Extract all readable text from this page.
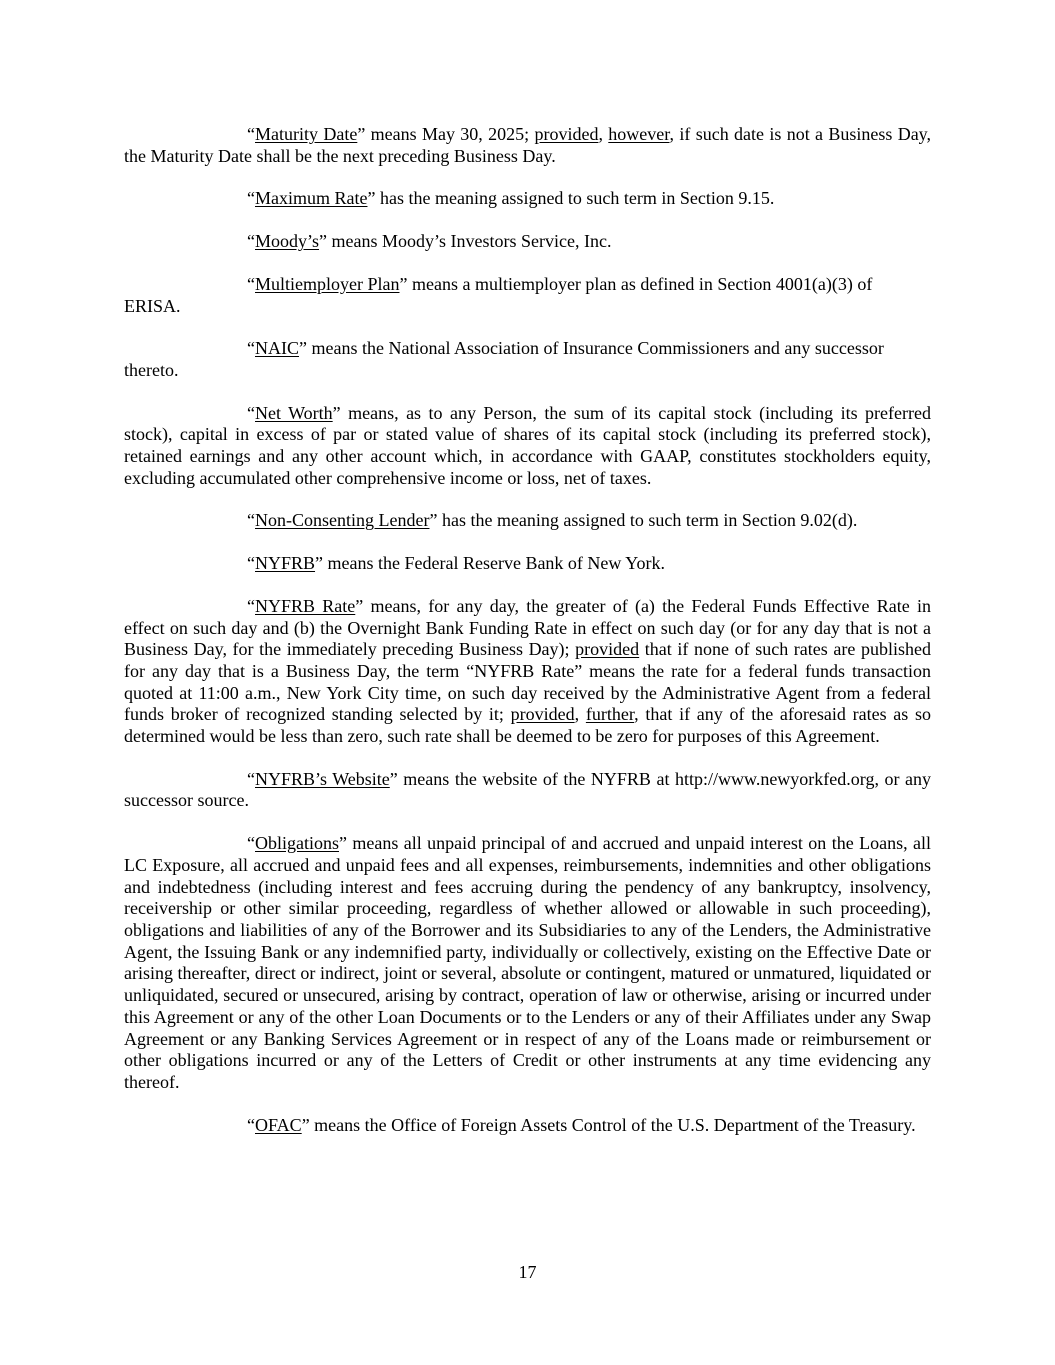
“Maturity Date” means May 30, 2025; provided, however, if such date is not a Business Day, the Maturity Date shall be the next preceding Business Day.

“Maximum Rate” has the meaning assigned to such term in Section 9.15.

“Moody’s” means Moody’s Investors Service, Inc.

“Multiemployer Plan” means a multiemployer plan as defined in Section 4001(a)(3) of
ERISA.

“NAIC” means the National Association of Insurance Commissioners and any successor
thereto.

“Net Worth” means, as to any Person, the sum of its capital stock (including its preferred stock), capital in excess of par or stated value of shares of its capital stock (including its preferred stock), retained earnings and any other account which, in accordance with GAAP, constitutes stockholders equity, excluding accumulated other comprehensive income or loss, net of taxes.

“Non-Consenting Lender” has the meaning assigned to such term in Section 9.02(d).

“NYFRB” means the Federal Reserve Bank of New York.

“NYFRB Rate” means, for any day, the greater of (a) the Federal Funds Effective Rate in effect on such day and (b) the Overnight Bank Funding Rate in effect on such day (or for any day that is not a Business Day, for the immediately preceding Business Day); provided that if none of such rates are published for any day that is a Business Day, the term “NYFRB Rate” means the rate for a federal funds transaction quoted at 11:00 a.m., New York City time, on such day received by the Administrative Agent from a federal funds broker of recognized standing selected by it; provided, further, that if any of the aforesaid rates as so determined would be less than zero, such rate shall be deemed to be zero for purposes of this Agreement.

“NYFRB’s Website” means the website of the NYFRB at http://www.newyorkfed.org, or any successor source.

“Obligations” means all unpaid principal of and accrued and unpaid interest on the Loans, all LC Exposure, all accrued and unpaid fees and all expenses, reimbursements, indemnities and other obligations and indebtedness (including interest and fees accruing during the pendency of any bankruptcy, insolvency, receivership or other similar proceeding, regardless of whether allowed or allowable in such proceeding), obligations and liabilities of any of the Borrower and its Subsidiaries to any of the Lenders, the Administrative Agent, the Issuing Bank or any indemnified party, individually or collectively, existing on the Effective Date or arising thereafter, direct or indirect, joint or several, absolute or contingent, matured or unmatured, liquidated or unliquidated, secured or unsecured, arising by contract, operation of law or otherwise, arising or incurred under this Agreement or any of the other Loan Documents or to the Lenders or any of their Affiliates under any Swap Agreement or any Banking Services Agreement or in respect of any of the Loans made or reimbursement or other obligations incurred or any of the Letters of Credit or other instruments at any time evidencing any thereof.

“OFAC” means the Office of Foreign Assets Control of the U.S. Department of the Treasury.

17
